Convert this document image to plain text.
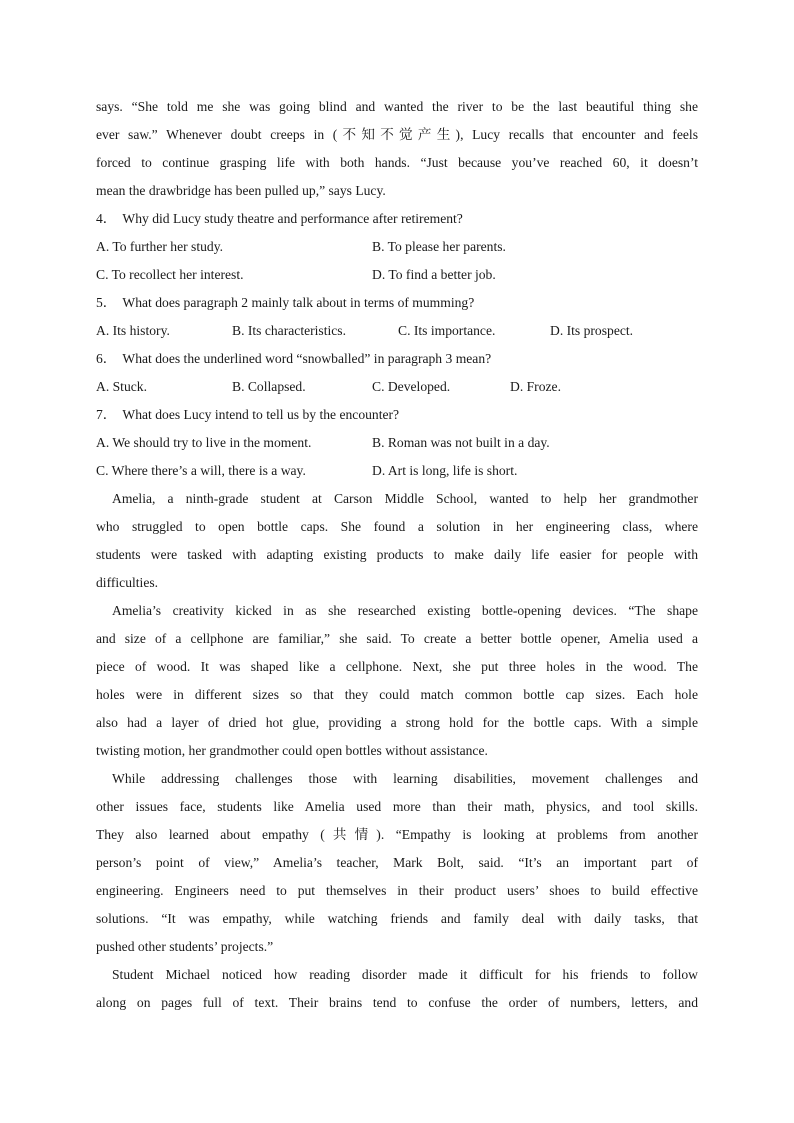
says. “She told me she was going blind and wanted the river to be the last beautiful thing she

ever saw.” Whenever doubt creeps in (不知不觉产生), Lucy recalls that encounter and feels

forced to continue grasping life with both hands. “Just because you’ve reached 60, it doesn’t

mean the drawbridge has been pulled up,” says Lucy.

4． Why did Lucy study theatre and performance after retirement?

A. To further her study.	B. To please her parents.
C. To recollect her interest.	D. To find a better job.

5． What does paragraph 2 mainly talk about in terms of mumming?

A. Its history.	B. Its characteristics.	C. Its importance.	D. Its prospect.

6． What does the underlined word “snowballed” in paragraph 3 mean?

A. Stuck.	B. Collapsed.	C. Developed.	D. Froze.

7． What does Lucy intend to tell us by the encounter?

A. We should try to live in the moment.	B. Roman was not built in a day.
C. Where there’s a will, there is a way.	D. Art is long, life is short.

Amelia, a ninth-grade student at Carson Middle School, wanted to help her grandmother

who struggled to open bottle caps. She found a solution in her engineering class, where

students were tasked with adapting existing products to make daily life easier for people with

difficulties.

Amelia’s creativity kicked in as she researched existing bottle-opening devices. “The shape

and size of a cellphone are familiar,” she said. To create a better bottle opener, Amelia used a

piece of wood. It was shaped like a cellphone. Next, she put three holes in the wood. The

holes were in different sizes so that they could match common bottle cap sizes. Each hole

also had a layer of dried hot glue, providing a strong hold for the bottle caps. With a simple

twisting motion, her grandmother could open bottles without assistance.

While addressing challenges those with learning disabilities, movement challenges and

other issues face, students like Amelia used more than their math, physics, and tool skills.

They also learned about empathy (共情). “Empathy is looking at problems from another

person’s point of view,” Amelia’s teacher, Mark Bolt, said. “It’s an important part of

engineering. Engineers need to put themselves in their product users’ shoes to build effective

solutions. “It was empathy, while watching friends and family deal with daily tasks, that

pushed other students’ projects.”

Student Michael noticed how reading disorder made it difficult for his friends to follow

along on pages full of text. Their brains tend to confuse the order of numbers, letters, and
